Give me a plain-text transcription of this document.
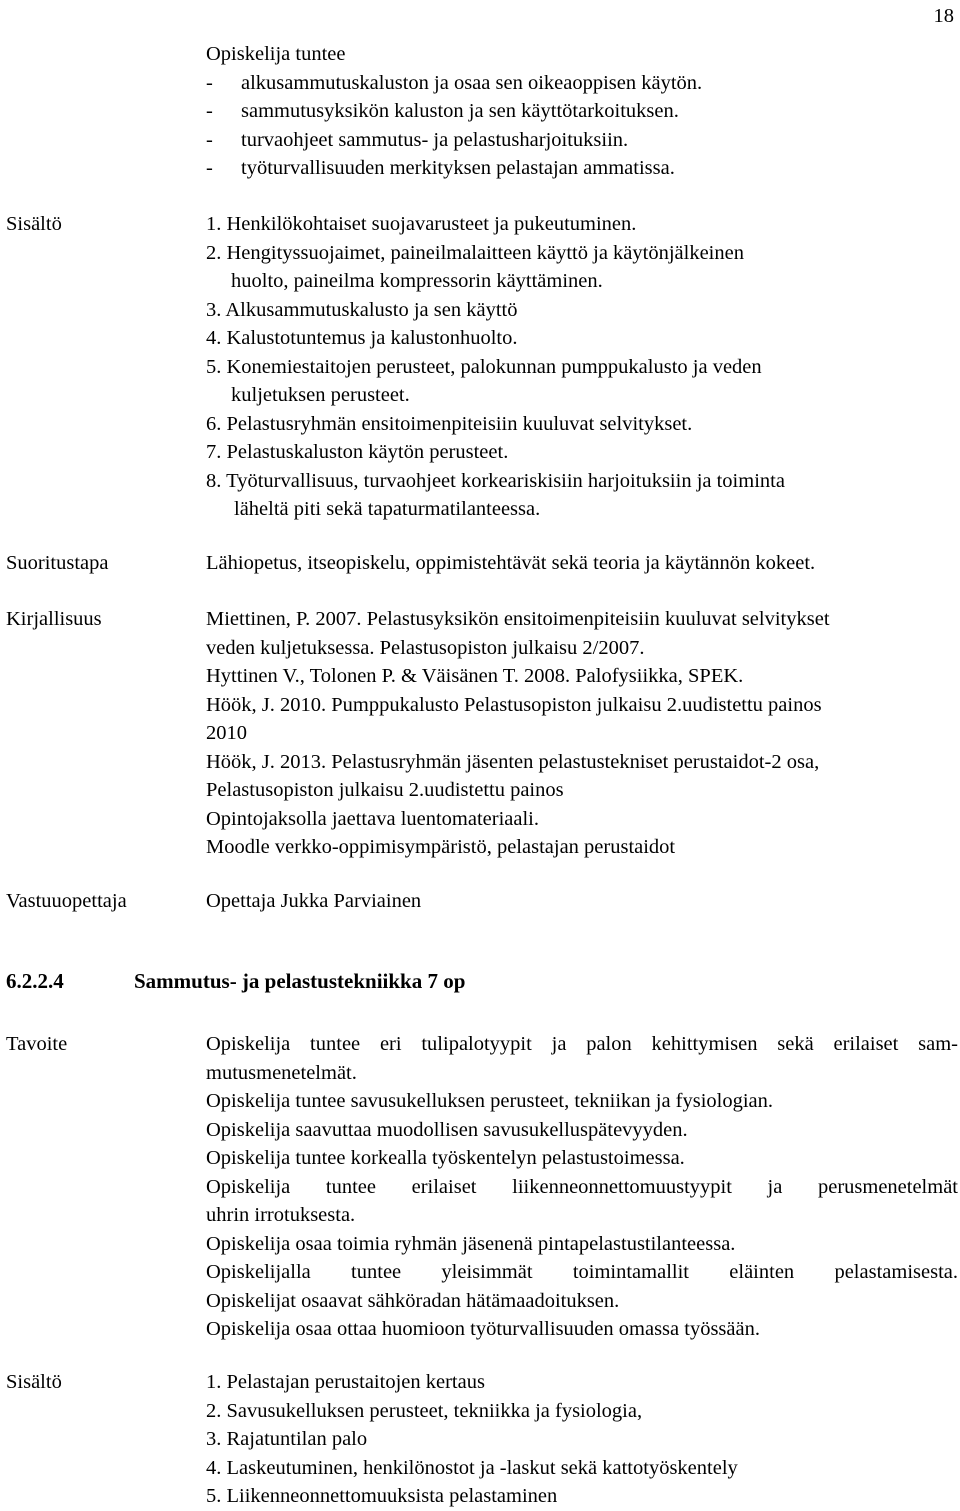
18
Opiskelija tuntee
-	alkusammutuskaluston ja osaa sen oikeaoppisen käytön.
-	sammutusyksikön kaluston ja sen käyttötarkoituksen.
-	turvaohjeet sammutus- ja pelastusharjoituksiin.
-	työturvallisuuden merkityksen pelastajan ammatissa.
Sisältö	1. Henkilökohtaiset suojavarusteet ja pukeutuminen.
2. Hengityssuojaimet, paineilmalaitteen käyttö ja käytönjälkeinen
huolto, paineilma kompressorin käyttäminen.
3. Alkusammutuskalusto ja sen käyttö
4. Kalustotuntemus ja kalustonhuolto.
5. Konemiestaitojen perusteet, palokunnan pumppukalusto ja veden
kuljetuksen perusteet.
6. Pelastusryhmän ensitoimenpiteisiin kuuluvat selvitykset.
7. Pelastuskaluston käytön perusteet.
8. Työturvallisuus, turvaohjeet korkeariskisiin harjoituksiin ja toiminta
läheltä piti sekä tapaturmatilanteessa.
Suoritustapa	Lähiopetus, itseopiskelu, oppimistehtävät sekä teoria ja käytännön kokeet.
Kirjallisuus	Miettinen, P. 2007. Pelastusyksikön ensitoimenpiteisiin kuuluvat selvitykset
veden kuljetuksessa. Pelastusopiston julkaisu 2/2007.
Hyttinen V., Tolonen P. & Väisänen T. 2008. Palofysiikka, SPEK.
Höök, J. 2010. Pumppukalusto Pelastusopiston julkaisu 2.uudistettu painos
2010
Höök, J. 2013. Pelastusryhmän jäsenten pelastustekniset perustaidot-2 osa,
Pelastusopiston julkaisu 2.uudistettu painos
Opintojaksolla jaettava luentomateriaali.
Moodle verkko-oppimisympäristö, pelastajan perustaidot
Vastuuopettaja	Opettaja Jukka Parviainen
6.2.2.4	Sammutus- ja pelastustekniikka 7 op
Tavoite	Opiskelija tuntee eri tulipalotyypit ja palon kehittymisen sekä erilaiset sam-
mutusmenetelmät.
Opiskelija tuntee savusukelluksen perusteet, tekniikan ja fysiologian.
Opiskelija saavuttaa muodollisen savusukelluspätevyyden.
Opiskelija tuntee korkealla työskentelyn pelastustoimessa.
Opiskelija tuntee erilaiset liikenneonnettomuustyypit ja perusmenetelmät
uhrin irrotuksesta.
Opiskelija osaa toimia ryhmän jäsenenä pintapelastustilanteessa.
Opiskelijalla tuntee yleisimmät toimintamallit eläinten pelastamisesta.
Opiskelijat osaavat sähköradan hätämaadoituksen.
Opiskelija osaa ottaa huomioon työturvallisuuden omassa työssään.
Sisältö	1. Pelastajan perustaitojen kertaus
2. Savusukelluksen perusteet, tekniikka ja fysiologia,
3. Rajatuntilan palo
4. Laskeutuminen, henkilönostot ja -laskut sekä kattotyöskentely
5. Liikenneonnettomuuksista pelastaminen
